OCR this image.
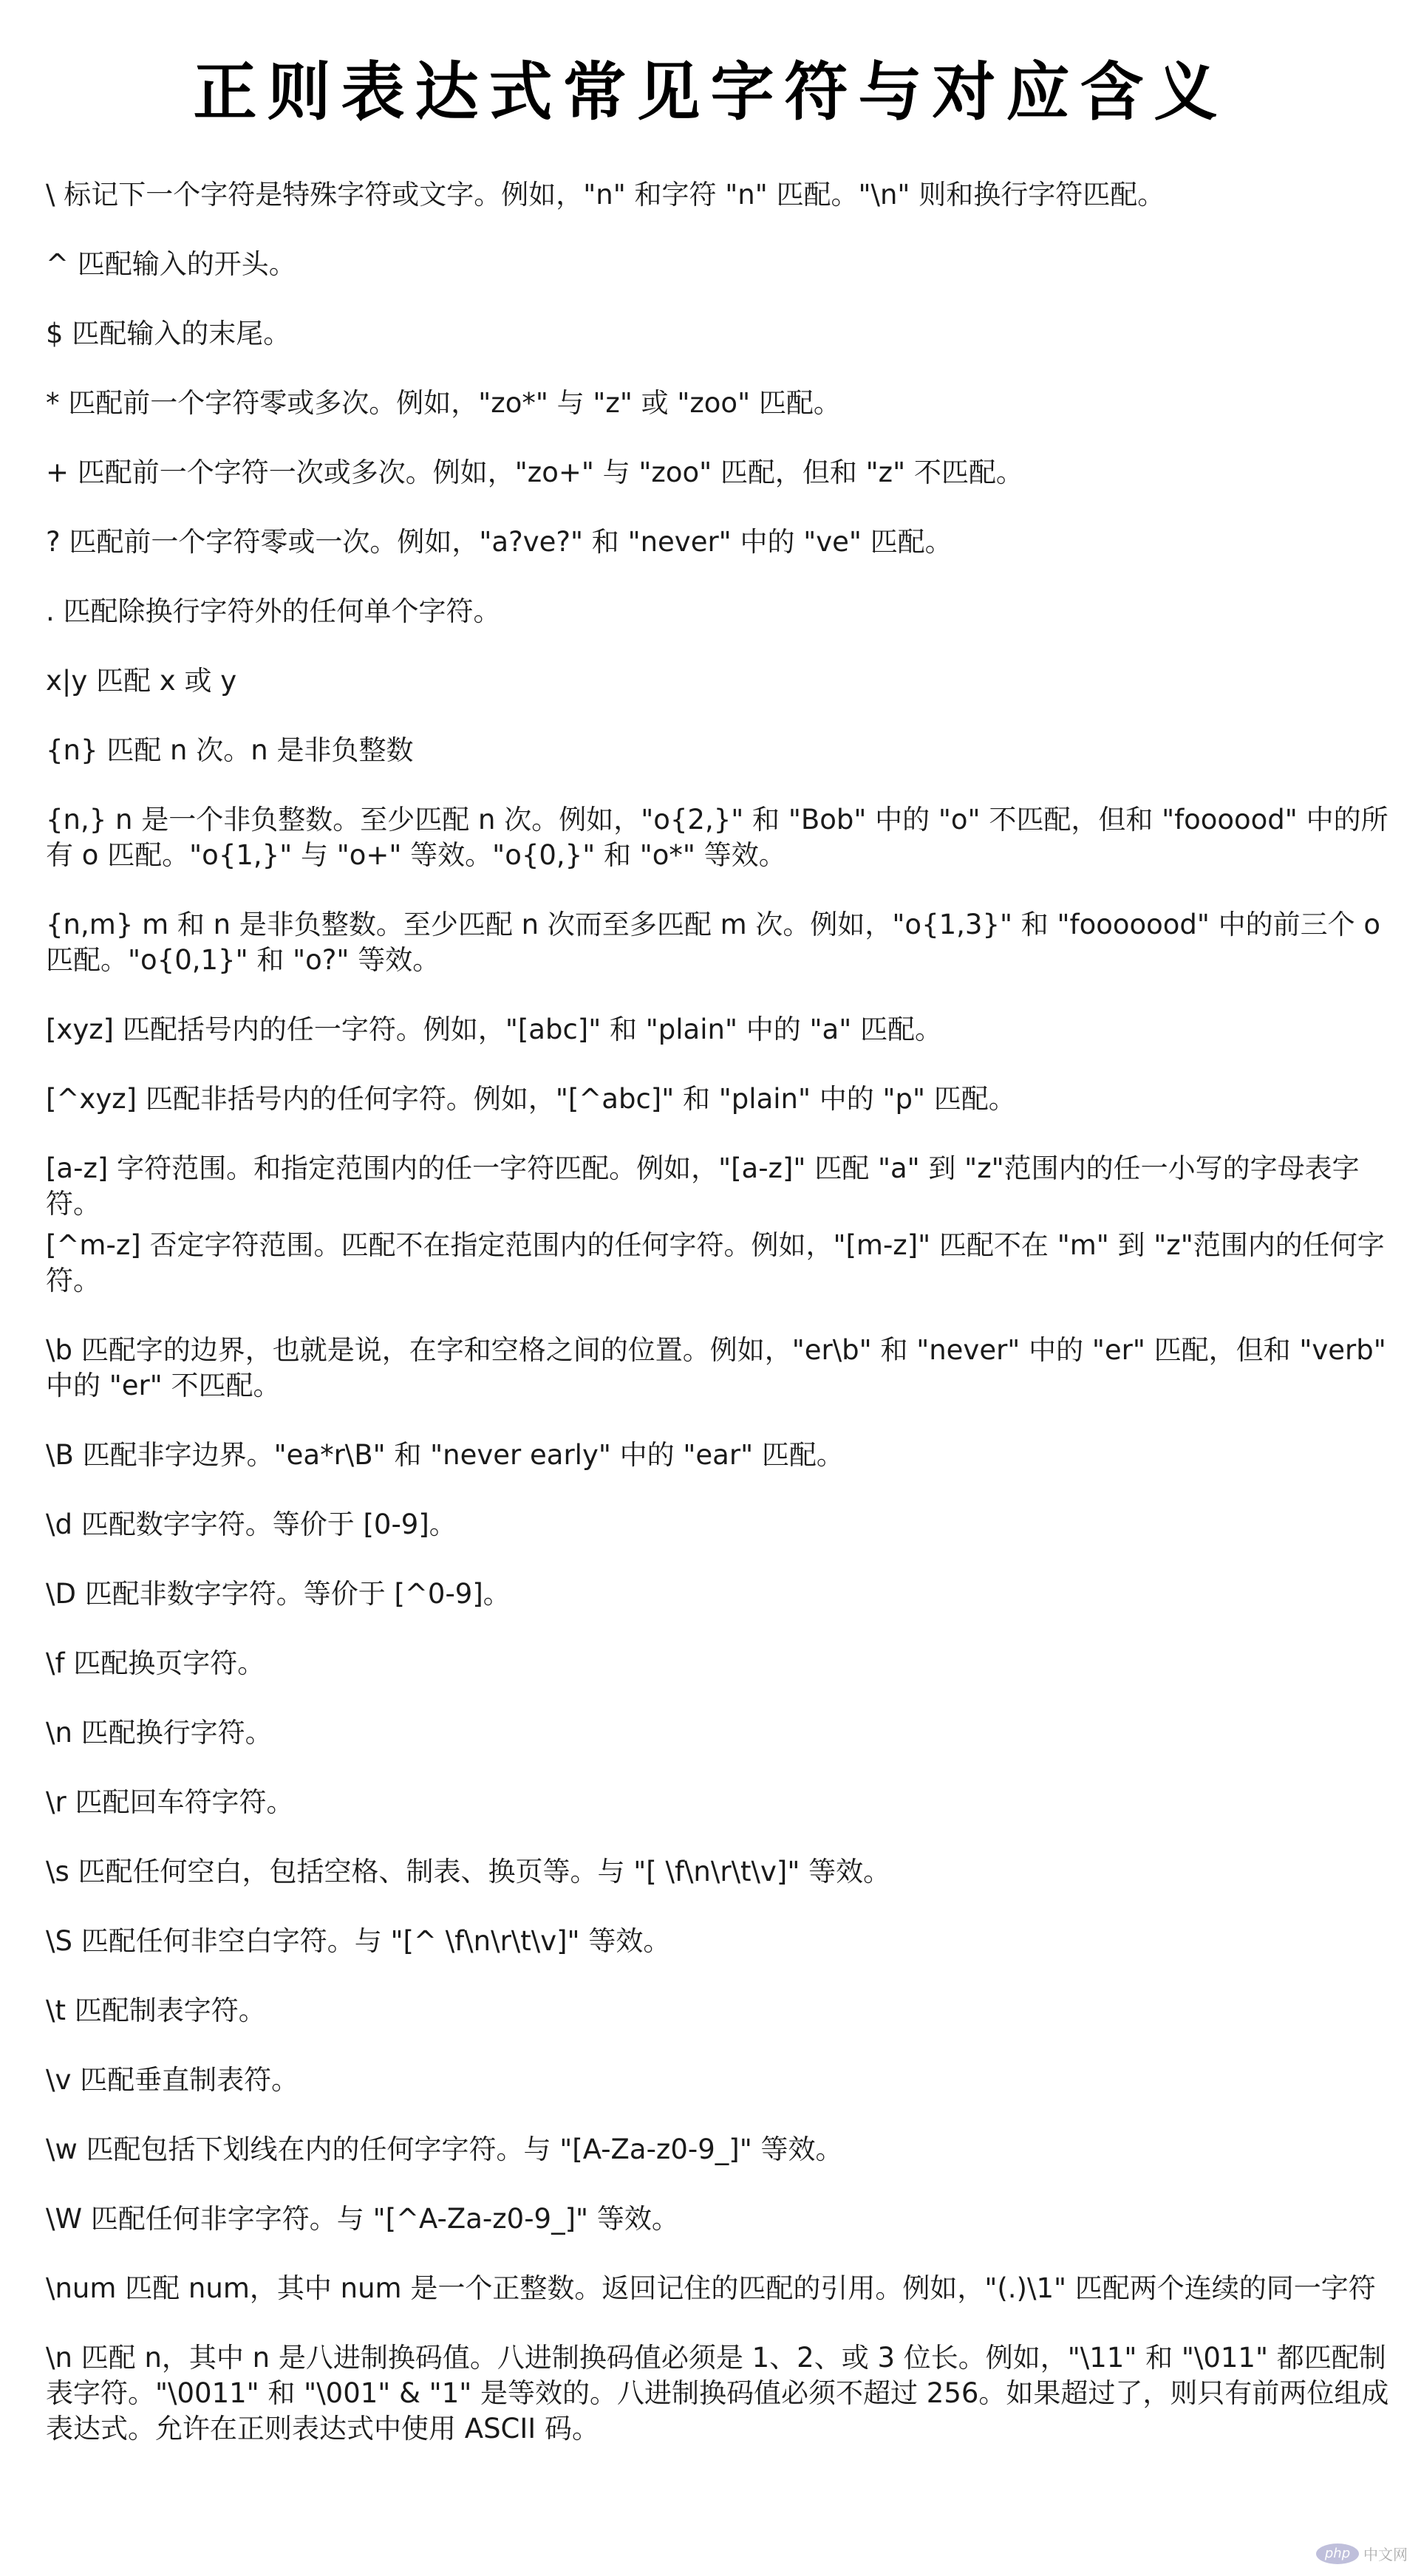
正则表达式常见字符与对应含义

\ 标记下一个字符是特殊字符或文字。例如，"n" 和字符 "n" 匹配。"\n" 则和换行字符匹配。

^ 匹配输入的开头。

$ 匹配输入的末尾。

* 匹配前一个字符零或多次。例如，"zo*" 与 "z" 或 "zoo" 匹配。

+ 匹配前一个字符一次或多次。例如，"zo+" 与 "zoo" 匹配，但和 "z" 不匹配。

? 匹配前一个字符零或一次。例如，"a?ve?" 和 "never" 中的 "ve" 匹配。

. 匹配除换行字符外的任何单个字符。

x|y 匹配 x 或 y

{n} 匹配 n 次。n 是非负整数

{n,} n 是一个非负整数。至少匹配 n 次。例如，"o{2,}" 和 "Bob" 中的 "o" 不匹配，但和 "foooood" 中的所有 o 匹配。"o{1,}" 与 "o+" 等效。"o{0,}" 和 "o*" 等效。

{n,m} m 和 n 是非负整数。至少匹配 n 次而至多匹配 m 次。例如，"o{1,3}" 和 "fooooood" 中的前三个 o 匹配。"o{0,1}" 和 "o?" 等效。

[xyz] 匹配括号内的任一字符。例如，"[abc]" 和 "plain" 中的 "a" 匹配。

[^xyz] 匹配非括号内的任何字符。例如，"[^abc]" 和 "plain" 中的 "p" 匹配。

[a-z] 字符范围。和指定范围内的任一字符匹配。例如，"[a-z]" 匹配 "a" 到 "z"范围内的任一小写的字母表字符。

[^m-z] 否定字符范围。匹配不在指定范围内的任何字符。例如，"[m-z]" 匹配不在 "m" 到 "z"范围内的任何字符。

\b 匹配字的边界，也就是说，在字和空格之间的位置。例如，"er\b" 和 "never" 中的 "er" 匹配，但和 "verb" 中的 "er" 不匹配。

\B 匹配非字边界。"ea*r\B" 和 "never early" 中的 "ear" 匹配。

\d 匹配数字字符。等价于 [0-9]。

\D 匹配非数字字符。等价于 [^0-9]。

\f 匹配换页字符。

\n 匹配换行字符。

\r 匹配回车符字符。

\s 匹配任何空白，包括空格、制表、换页等。与 "[ \f\n\r\t\v]" 等效。

\S 匹配任何非空白字符。与 "[^ \f\n\r\t\v]" 等效。

\t 匹配制表字符。

\v 匹配垂直制表符。

\w 匹配包括下划线在内的任何字字符。与 "[A-Za-z0-9_]" 等效。

\W 匹配任何非字字符。与 "[^A-Za-z0-9_]" 等效。

\num 匹配 num，其中 num 是一个正整数。返回记住的匹配的引用。例如，"(.)\1" 匹配两个连续的同一字符

\n 匹配 n，其中 n 是八进制换码值。八进制换码值必须是 1、2、或 3 位长。例如，"\11" 和 "\011" 都匹配制表字符。"\0011" 和 "\001" & "1" 是等效的。八进制换码值必须不超过 256。如果超过了，则只有前两位组成表达式。允许在正则表达式中使用 ASCII 码。

php 中文网
